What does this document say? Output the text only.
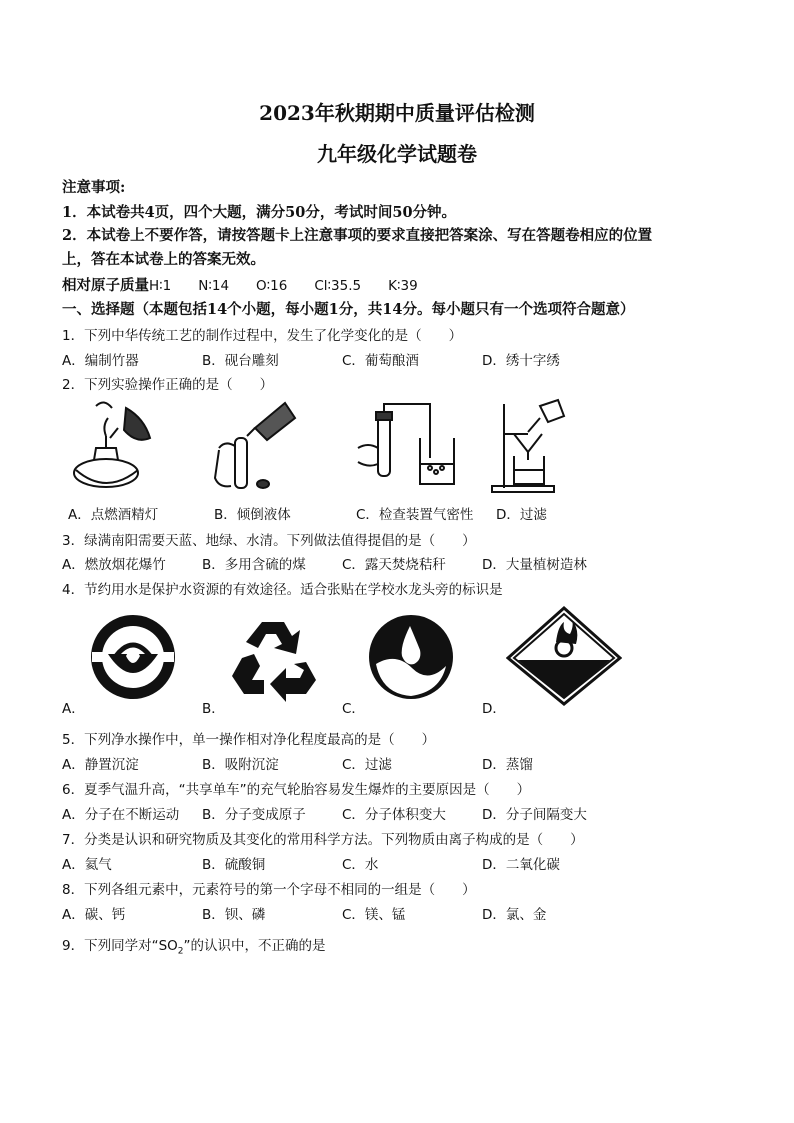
2023年秋期期中质量评估检测
九年级化学试题卷
注意事项:
1．本试卷共4页，四个大题，满分50分，考试时间50分钟。
2．本试卷上不要作答，请按答题卡上注意事项的要求直接把答案涂、写在答题卷相应的位置
上，答在本试卷上的答案无效。
相对原子质量H∶1　　N∶14　　O∶16　　Cl∶35.5　　K∶39
一、选择题（本题包括14个小题，每小题1分，共14分。每小题只有一个选项符合题意）
1．下列中华传统工艺的制作过程中，发生了化学变化的是（　　）
A．编制竹器	B．砚台雕刻	C．葡萄酿酒	D．绣十字绣
2．下列实验操作正确的是（　　）
A．点燃酒精灯	B．倾倒液体	C．检查装置气密性 D．过滤
3．绿满南阳需要天蓝、地绿、水清。下列做法值得提倡的是（　　）
A．燃放烟花爆竹	B．多用含硫的煤	C．露天焚烧秸秆	D．大量植树造林
4．节约用水是保护水资源的有效途径。适合张贴在学校水龙头旁的标识是
A．	B．	C．	D．
5．下列净水操作中，单一操作相对净化程度最高的是（　　）
A．静置沉淀	B．吸附沉淀	C．过滤	D．蒸馏
6．夏季气温升高，“共享单车”的充气轮胎容易发生爆炸的主要原因是（　　）
A．分子在不断运动 B．分子变成原子	C．分子体积变大	D．分子间隔变大
7．分类是认识和研究物质及其变化的常用科学方法。下列物质由离子构成的是（　　）
A．氦气	B．硫酸铜	C．水	D．二氧化碳
8．下列各组元素中，元素符号的第一个字母不相同的一组是（　　）
A．碳、钙	B．钡、磷	C．镁、锰	D．氯、金
9．下列同学对“$SO_2$”的认识中，不正确的是
